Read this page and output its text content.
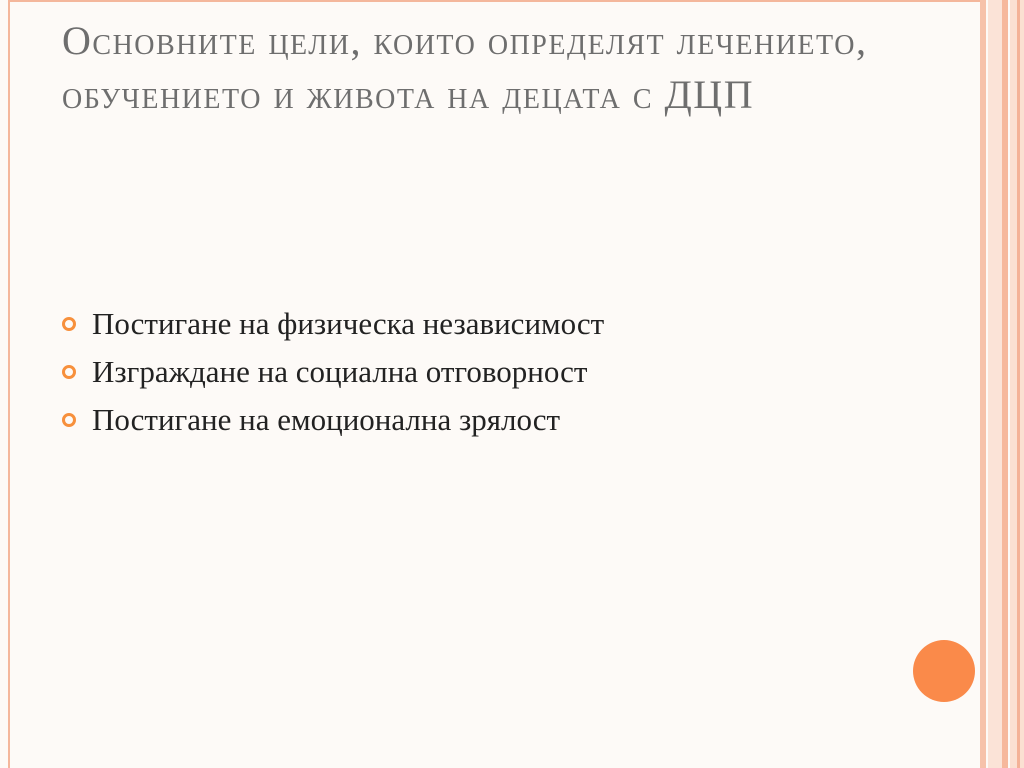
Основните цели, които определят лечението, обучението и живота на децата с ДЦП
Постигане на физическа независимост
Изграждане на социална отговорност
Постигане на емоционална зрялост
